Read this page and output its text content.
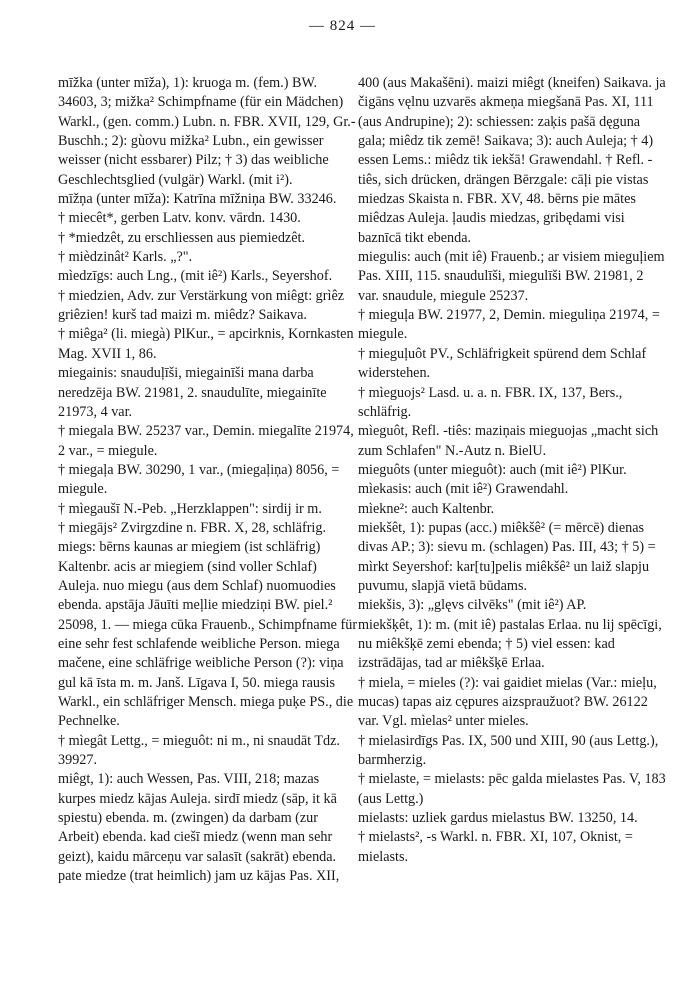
— 824 —
mīžka (unter mīža), 1): kruoga m. (fem.) BW. 34603, 3; mižka² Schimpfname (für ein Mädchen) Warkl., (gen. comm.) Lubn. n. FBR. XVII, 129, Gr.-Buschh.; 2): gùovu mižka² Lubn., ein gewisser weisser (nicht essbarer) Pilz; † 3) das weibliche Geschlechtsglied (vulgär) Warkl. (mit i²).
mīžņa (unter mīža): Katrīna mīžniņa BW. 33246.
† miecêt*, gerben Latv. konv. vārdn. 1430.
† *miedzêt, zu erschliessen aus piemiedzêt.
† mièdzinât² Karls. „?".
mìedzīgs: auch Lng., (mit iê²) Karls., Seyershof.
† miedzien, Adv. zur Verstärkung von miêgt: grìêz griêzien! kurš tad maizi m. miêdz? Saikava.
† miêga² (li. miegà) PlKur., = apcirknis, Kornkasten Mag. XVII 1, 86.
miegainis: snauduļīši, miegainīši mana darba neredzēja BW. 21981, 2. snaudulīte, miegainīte 21973, 4 var.
† miegala BW. 25237 var., Demin. miegalīte 21974, 2 var., = miegule.
† miegaļa BW. 30290, 1 var., (miegaļiņa) 8056, = miegule.
† mìegaušī N.-Peb. „Herzklappen": sirdij ir m.
† miegājs² Zvirgzdine n. FBR. X, 28, schläfrig.
miegs: bērns kaunas ar miegiem (ist schläfrig) Kaltenbr. acis ar miegiem (sind voller Schlaf) Auleja. nuo miegu (aus dem Schlaf) nuomuodies ebenda. apstāja Jāuīti meļlie miedziņi BW. piel.² 25098, 1. — miega cūka Frauenb., Schimpfname für eine sehr fest schlafende weibliche Person. miega mačene, eine schläfrige weibliche Person (?): viņa gul kā īsta m. m. Janš. Līgava I, 50. miega rausis Warkl., ein schläfriger Mensch. miega puķe PS., die Pechnelke.
† mìegât Lettg., = mieguôt: ni m., ni snaudāt Tdz. 39927.
miêgt, 1): auch Wessen, Pas. VIII, 218; mazas kurpes miedz kājas Auleja. sirdī miedz (sāp, it kā spiestu) ebenda. m. (zwingen) da darbam (zur Arbeit) ebenda. kad ciešī miedz (wenn man sehr geizt), kaidu mārceņu var salasīt (sakrāt) ebenda. pate miedze (trat heimlich) jam uz kājas Pas. XII,
400 (aus Makašēni). maizi miêgt (kneifen) Saikava. ja čigāns vęlnu uzvarēs akmeņa miegšanā Pas. XI, 111 (aus Andrupine); 2): schiessen: zaķis pašā dęguna gala; miêdz tik zemē! Saikava; 3): auch Auleja; † 4) essen Lems.: miêdz tik iekšā! Grawendahl. † Refl. -tiês, sich drücken, drängen Bērzgale: cāļi pie vistas miedzas Skaista n. FBR. XV, 48. bērns pie mātes miêdzas Auleja. ļaudis miedzas, gribędami visi baznīcā tikt ebenda.
miegulis: auch (mit iê) Frauenb.; ar visiem mieguļiem Pas. XIII, 115. snaudulīši, miegulīši BW. 21981, 2 var. snaudule, miegule 25237.
† mieguļa BW. 21977, 2, Demin. mieguliņa 21974, = miegule.
† mieguļuôt PV., Schläfrigkeit spürend dem Schlaf widerstehen.
† mìeguojs² Lasd. u. a. n. FBR. IX, 137, Bers., schläfrig.
mìeguôt, Refl. -tiês: maziņais mieguojas „macht sich zum Schlafen" N.-Autz n. BielU.
mieguôts (unter mieguôt): auch (mit iê²) PlKur.
mìekasis: auch (mit iê²) Grawendahl.
mìekne²: auch Kaltenbr.
miekšêt, 1): pupas (acc.) miêkšê² (= mērcē) dienas divas AP.; 3): sievu m. (schlagen) Pas. III, 43; † 5) = mìrkt Seyershof: kar[tu]pelis miêkšê² un laiž slapju puvumu, slapjā vietā būdams.
miekšis, 3): „glęvs cilvēks" (mit iê²) AP.
miekšķêt, 1): m. (mit iê) pastalas Erlaa. nu lij spēcīgi, nu miêkšķē zemi ebenda; † 5) viel essen: kad izstrādājas, tad ar miêkšķē Erlaa.
† miela, = mieles (?): vai gaidiet mielas (Var.: mieļu, mucas) tapas aiz cępures aizspraužuot? BW. 26122 var. Vgl. mìelas² unter mieles.
† mielasirdīgs Pas. IX, 500 und XIII, 90 (aus Lettg.), barmherzig.
† mielaste, = mielasts: pēc galda mielastes Pas. V, 183 (aus Lettg.)
mielasts: uzliek gardus mielastus BW. 13250, 14.
† mielasts², -s Warkl. n. FBR. XI, 107, Oknist, = mielasts.
